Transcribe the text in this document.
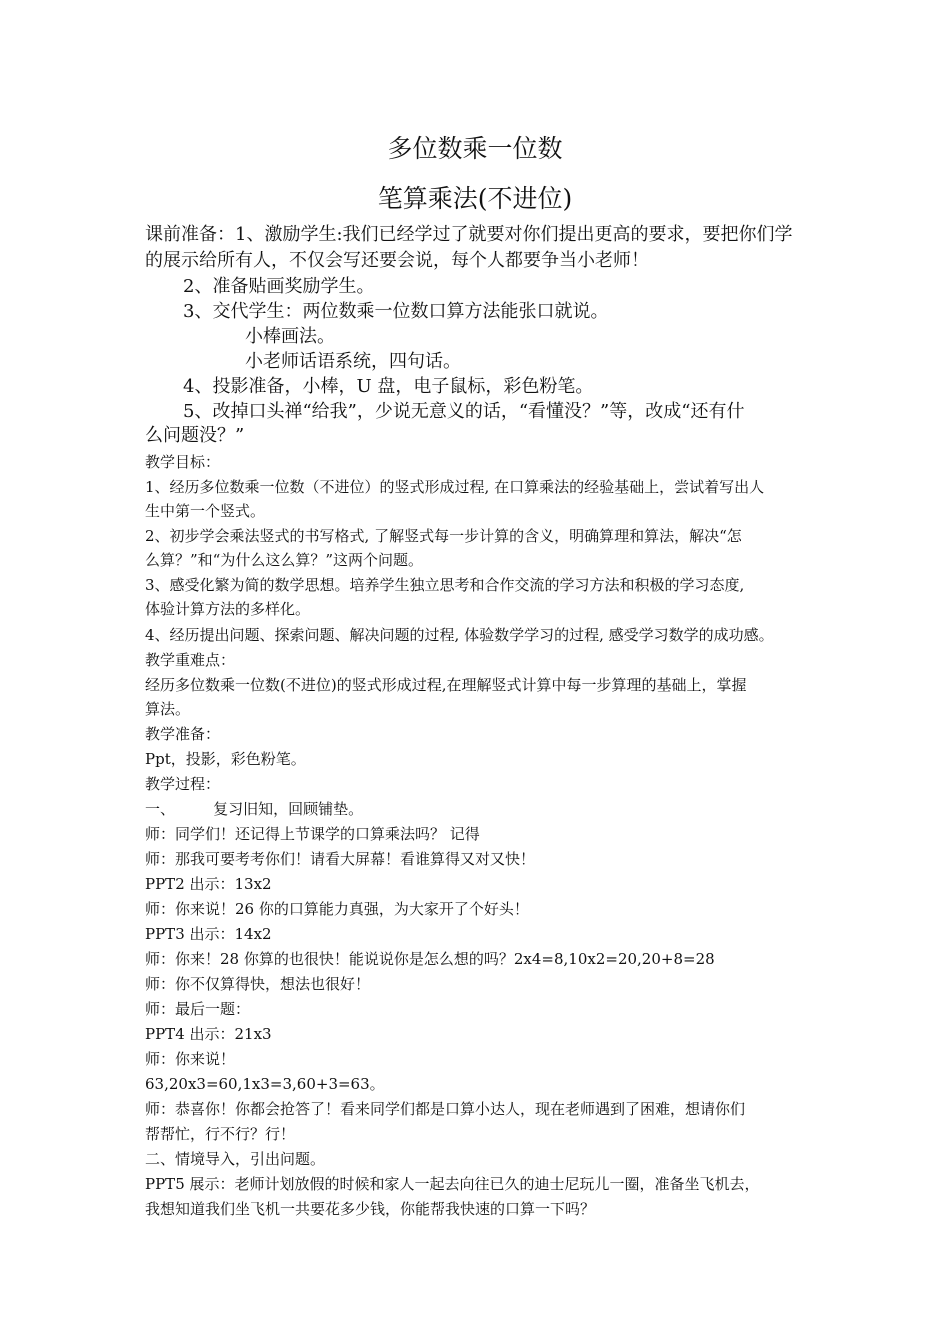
多位数乘一位数
笔算乘法(不进位)
课前准备：1、激励学生:我们已经学过了就要对你们提出更高的要求，要把你们学
的展示给所有人，不仅会写还要会说，每个人都要争当小老师！
2、准备贴画奖励学生。
3、交代学生：两位数乘一位数口算方法能张口就说。
小棒画法。
小老师话语系统，四句话。
4、投影准备，小棒，U 盘，电子鼠标，彩色粉笔。
5、改掉口头禅“给我”，少说无意义的话，“看懂没？”等，改成“还有什
么问题没？”
教学目标：
1、经历多位数乘一位数（不进位）的竖式形成过程, 在口算乘法的经验基础上，尝试着写出人
生中第一个竖式。
2、初步学会乘法竖式的书写格式, 了解竖式每一步计算的含义，明确算理和算法，解决“怎
么算？”和“为什么这么算？”这两个问题。
3、感受化繁为简的数学思想。培养学生独立思考和合作交流的学习方法和积极的学习态度,
体验计算方法的多样化。
4、经历提出问题、探索问题、解决问题的过程, 体验数学学习的过程, 感受学习数学的成功感。
教学重难点：
经历多位数乘一位数(不进位)的竖式形成过程,在理解竖式计算中每一步算理的基础上，掌握
算法。
教学准备：
Ppt，投影，彩色粉笔。
教学过程：
一、        复习旧知，回顾铺垫。
师：同学们！还记得上节课学的口算乘法吗？ 记得
师：那我可要考考你们！请看大屏幕！看谁算得又对又快！
PPT2 出示：13x2
师：你来说！26 你的口算能力真强，为大家开了个好头！
PPT3 出示：14x2
师：你来！28 你算的也很快！能说说你是怎么想的吗？2x4=8,10x2=20,20+8=28
师：你不仅算得快，想法也很好！
师：最后一题：
PPT4 出示：21x3
师：你来说！
63,20x3=60,1x3=3,60+3=63。
师：恭喜你！你都会抢答了！看来同学们都是口算小达人，现在老师遇到了困难，想请你们
帮帮忙，行不行？行！
二、情境导入，引出问题。
PPT5 展示：老师计划放假的时候和家人一起去向往已久的迪士尼玩儿一圈，准备坐飞机去，
我想知道我们坐飞机一共要花多少钱，你能帮我快速的口算一下吗？
